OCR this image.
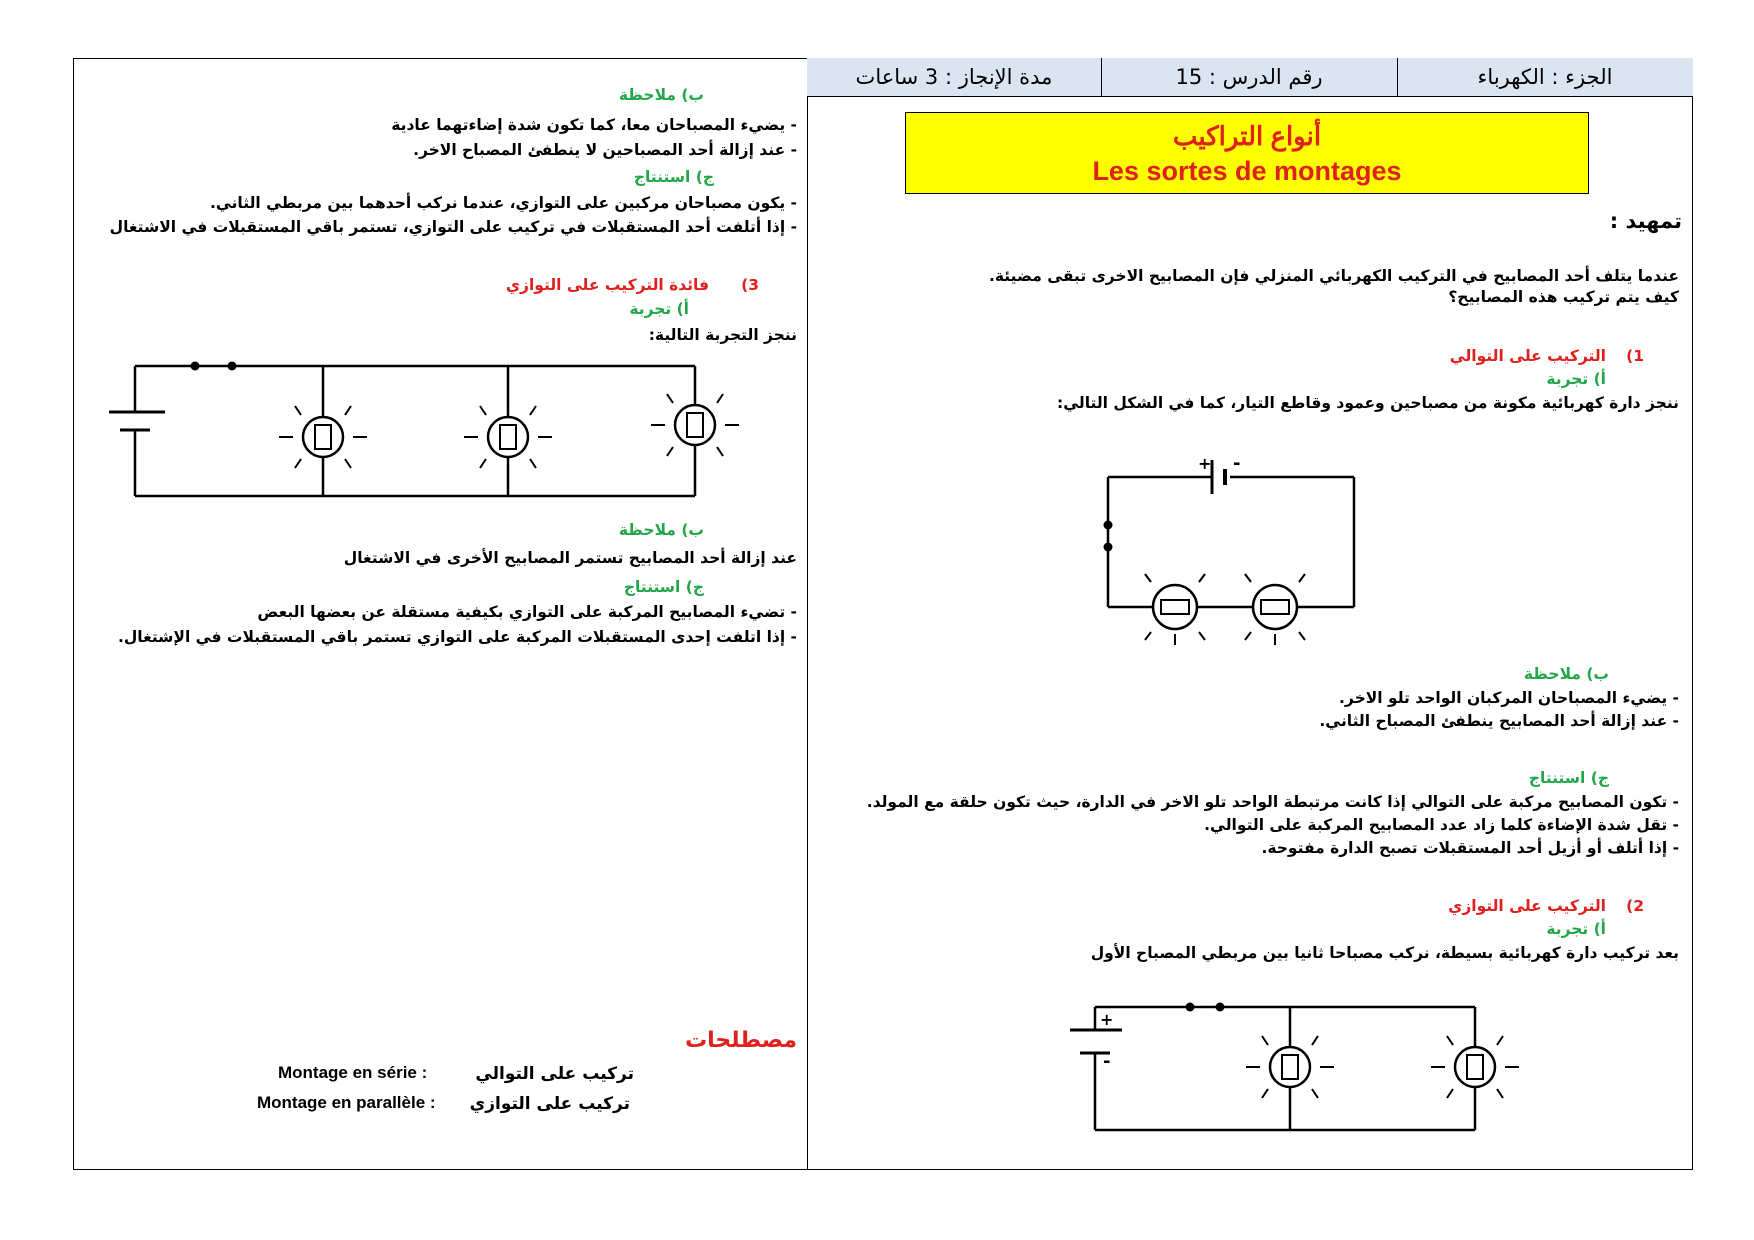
الجزء : الكهرباء
رقم الدرس : 15
مدة الإنجاز : 3 ساعات
أنواع التراكيب
Les sortes de montages
تمهيد :
عندما يتلف أحد المصابيح في التركيب الكهربائي المنزلي فإن المصابيح الاخرى تبقى مضيئة.
كيف يتم تركيب هذه المصابيح؟
1)
التركيب على التوالي
أ) تجربة
ننجز دارة كهربائية مكونة من مصباحين وعمود وقاطع التيار، كما في الشكل التالي:
+ -
ب) ملاحظة
- يضيء المصباحان المركبان الواحد تلو الاخر.
- عند إزالة أحد المصابيح ينطفئ المصباح الثاني.
ج) استنتاج
- تكون المصابيح مركبة على التوالي إذا كانت مرتبطة الواحد تلو الاخر في الدارة، حيث تكون حلقة مع المولد.
- تقل شدة الإضاءة كلما زاد عدد المصابيح المركبة على التوالي.
- إذا أتلف أو أزيل أحد المستقبلات تصبح الدارة مفتوحة.
2)
التركيب على التوازي
أ) تجربة
بعد تركيب دارة كهربائية بسيطة، نركب مصباحا ثانيا بين مربطي المصباح الأول
+
-
ب) ملاحظة
- يضيء المصباحان معا، كما تكون شدة إضاءتهما عادية
- عند إزالة أحد المصباحين لا ينطفئ المصباح الاخر.
ج) استنتاج
- يكون مصباحان مركبين على التوازي، عندما نركب أحدهما بين مربطي الثاني.
- إذا أتلفت أحد المستقبلات في تركيب على التوازي، تستمر باقي المستقبلات في الاشتغال
3)
فائدة التركيب على التوازي
أ) تجربة
ننجز التجربة التالية:
ب) ملاحظة
عند إزالة أحد المصابيح تستمر المصابيح الأخرى في الاشتغال
ج) استنتاج
- تضيء المصابيح المركبة على التوازي بكيفية مستقلة عن بعضها البعض
- إذا اتلفت إحدى المستقبلات المركبة على التوازي تستمر باقي المستقبلات في الإشتغال.
مصطلحات
Montage en série :	تركيب على التوالي
Montage en parallèle : تركيب على التوازي
